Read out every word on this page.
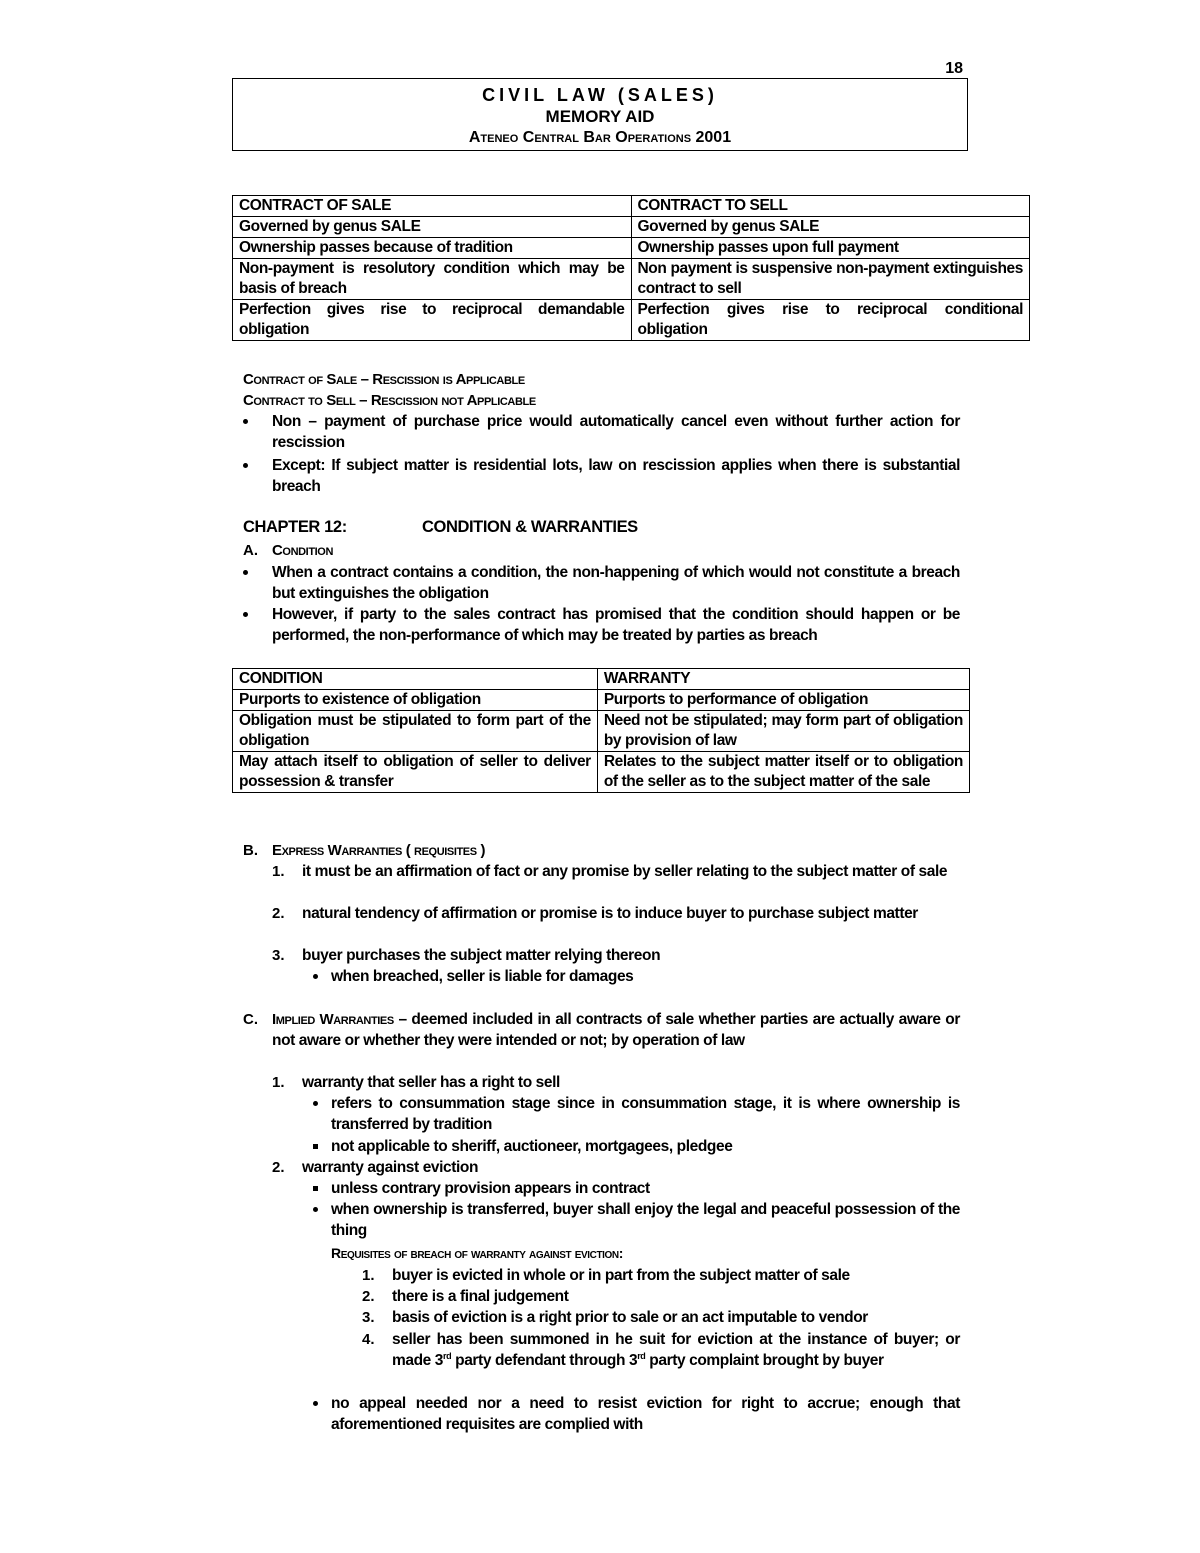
18
CIVIL LAW (SALES)
MEMORY AID
Ateneo Central Bar Operations 2001
CONTRACT OF SALE	CONTRACT TO SELL
Governed by genus SALE	Governed by genus SALE
Ownership passes because of tradition	Ownership passes upon full payment
Non-payment is resolutory condition which may be basis of breach	Non payment is suspensive non-payment extinguishes contract to sell
Perfection gives rise to reciprocal demandable obligation	Perfection gives rise to reciprocal conditional obligation
Contract of Sale – Rescission is Applicable
Contract to Sell – Rescission not Applicable
Non – payment of purchase price would automatically cancel even without further action for rescission
Except: If subject matter is residential lots, law on rescission applies when there is substantial breach
CHAPTER 12:	CONDITION & WARRANTIES
A. Condition
When a contract contains a condition, the non-happening of which would not constitute a breach but extinguishes the obligation
However, if party to the sales contract has promised that the condition should happen or be performed, the non-performance of which may be treated by parties as breach
CONDITION	WARRANTY
Purports to existence of obligation	Purports to performance of obligation
Obligation must be stipulated to form part of the obligation	Need not be stipulated; may form part of obligation by provision of law
May attach itself to obligation of seller to deliver possession & transfer	Relates to the subject matter itself or to obligation of the seller as to the subject matter of the sale
B. Express Warranties ( requisites )
1. it must be an affirmation of fact or any promise by seller relating to the subject matter of sale
2. natural tendency of affirmation or promise is to induce buyer to purchase subject matter
3. buyer purchases the subject matter relying thereon
when breached, seller is liable for damages
C. Implied Warranties – deemed included in all contracts of sale whether parties are actually aware or not aware or whether they were intended or not; by operation of law
1. warranty that seller has a right to sell
refers to consummation stage since in consummation stage, it is where ownership is transferred by tradition
not applicable to sheriff, auctioneer, mortgagees, pledgee
2. warranty against eviction
unless contrary provision appears in contract
when ownership is transferred, buyer shall enjoy the legal and peaceful possession of the thing
Requisites of breach of warranty against eviction:
1. buyer is evicted in whole or in part from the subject matter of sale
2. there is a final judgement
3. basis of eviction is a right prior to sale or an act imputable to vendor
4. seller has been summoned in he suit for eviction at the instance of buyer; or made 3rd party defendant through 3rd party complaint brought by buyer
no appeal needed nor a need to resist eviction for right to accrue; enough that aforementioned requisites are complied with
